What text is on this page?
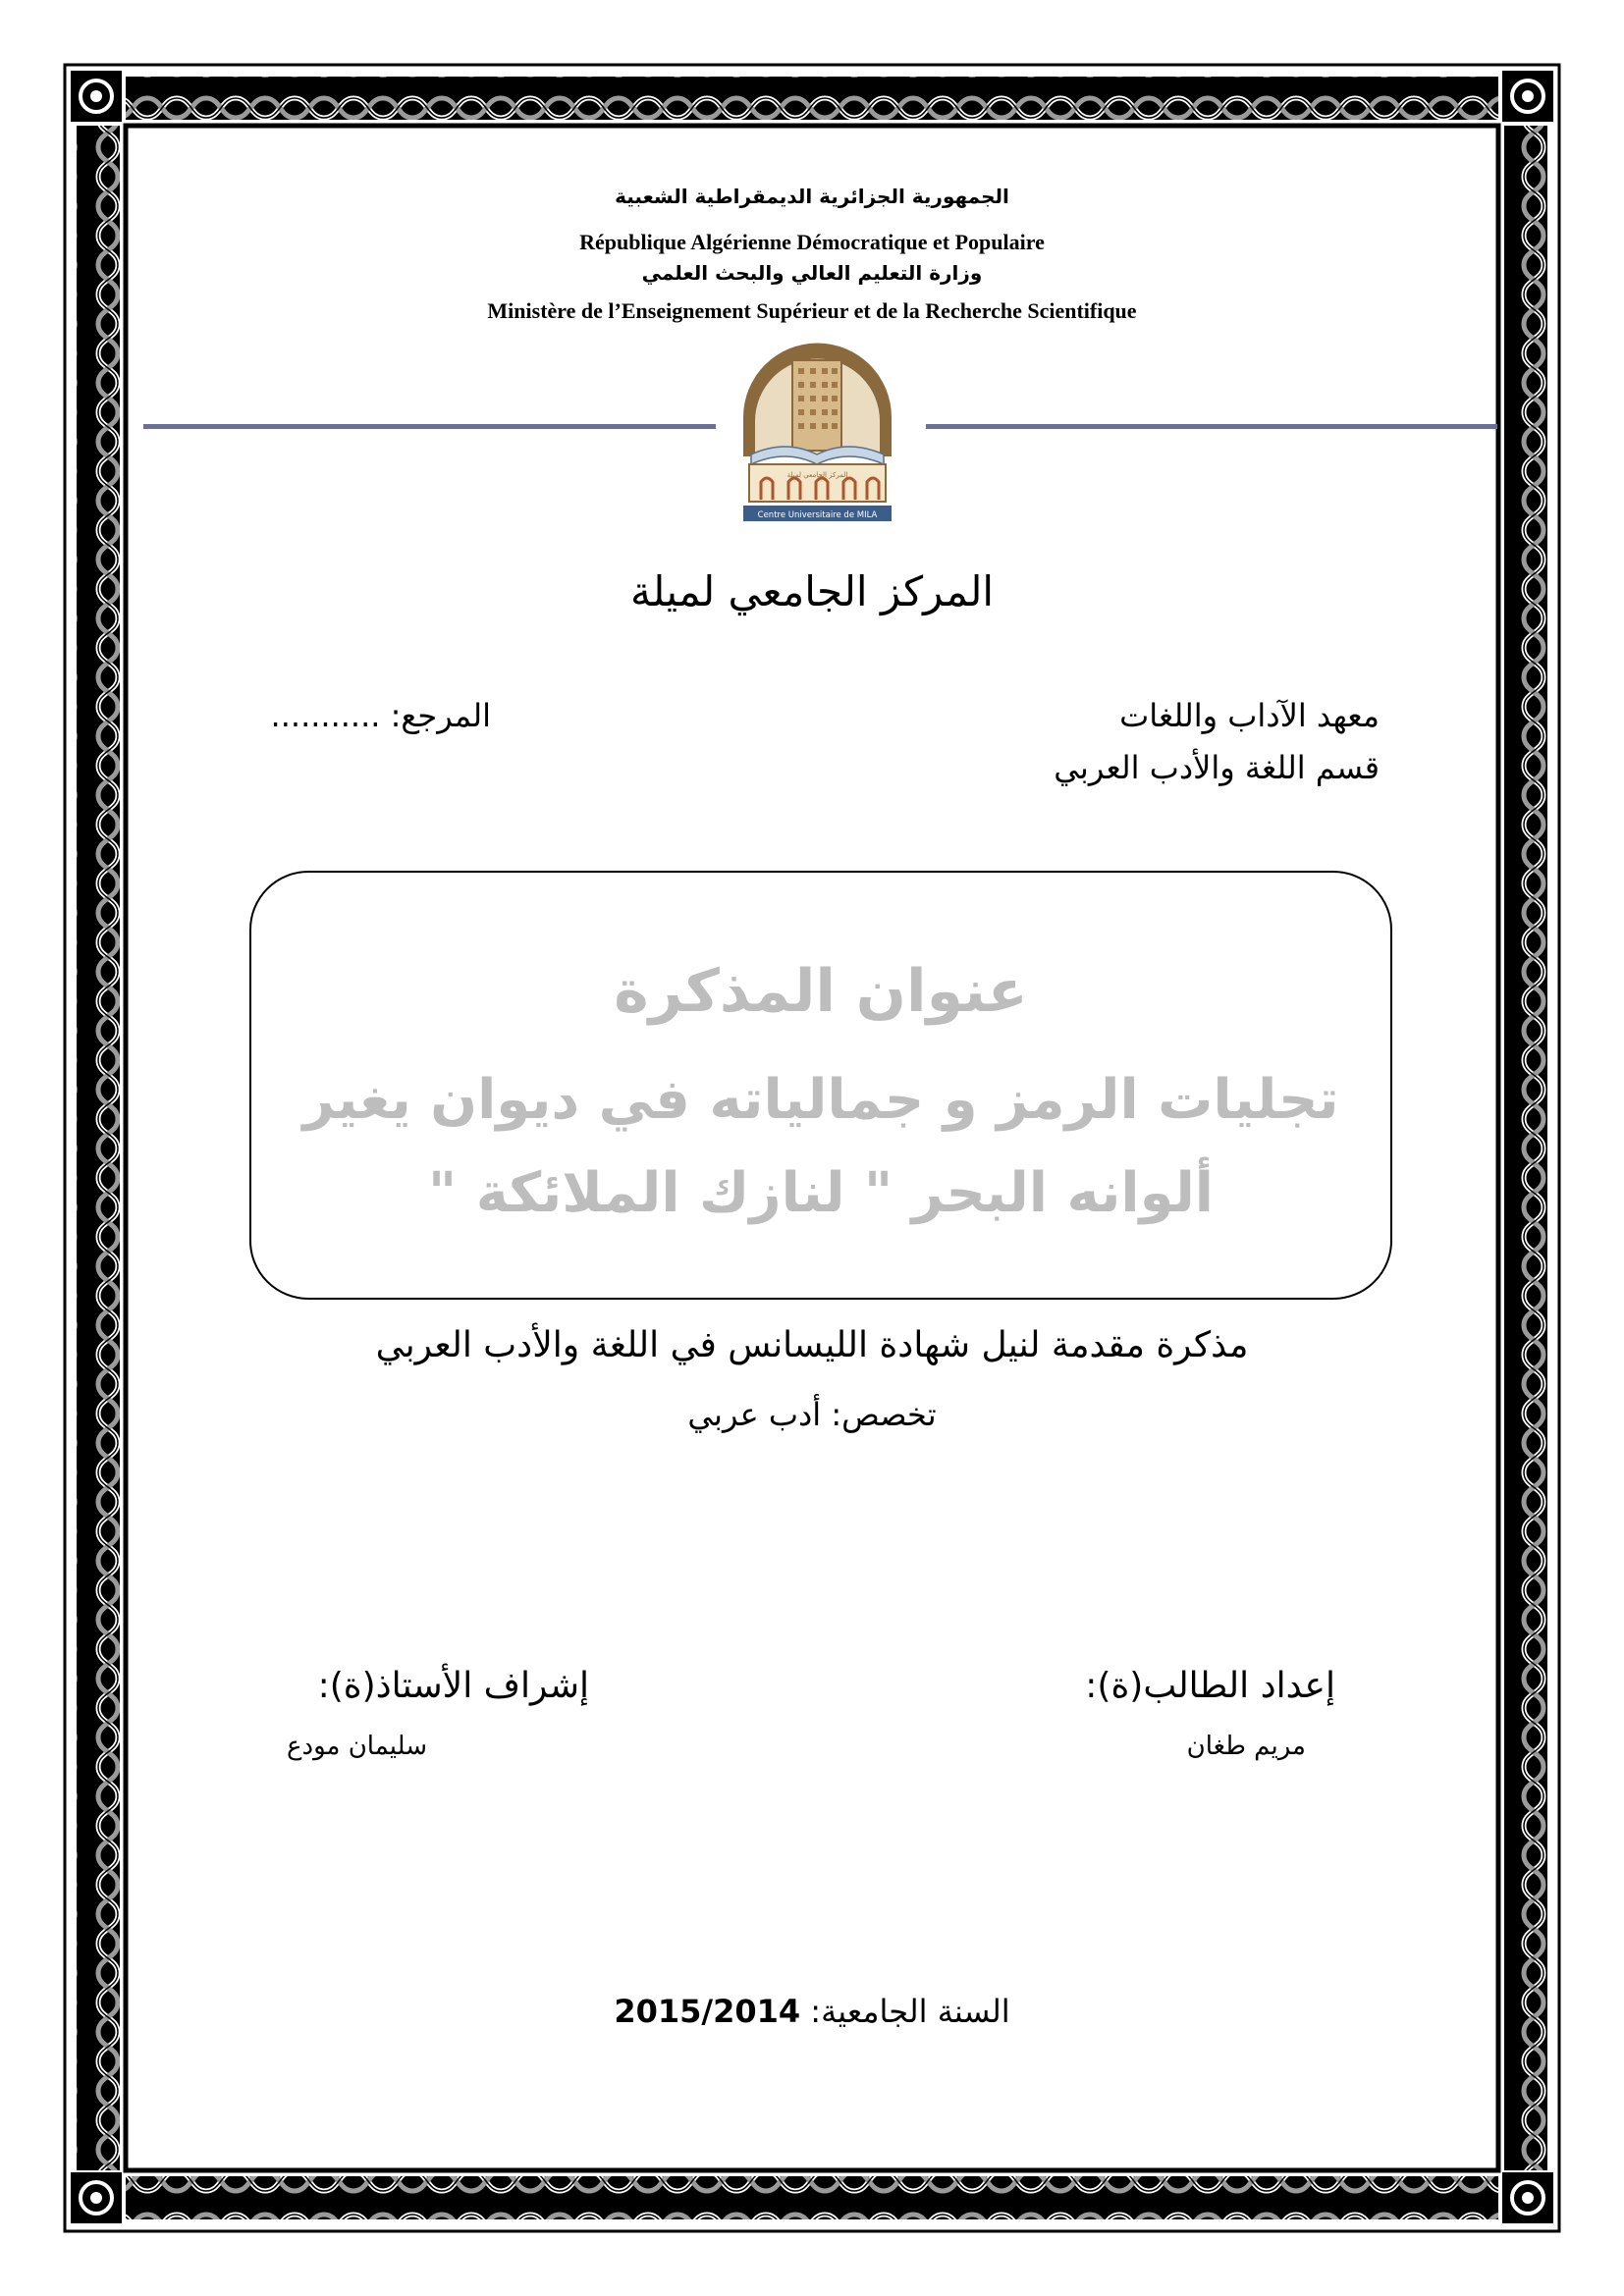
الجمهورية الجزائرية الديمقراطية الشعبية
République Algérienne Démocratique et Populaire
وزارة التعليم العالي والبحث العلمي
Ministère de l’Enseignement Supérieur et de la Recherche Scientifique
المركز الجامعي لميلة
Centre Universitaire de MILA
المركز الجامعي لميلة
معهد الآداب واللغات
قسم اللغة والأدب العربي
المرجع: ...........
عنوان المذكرة
تجليات الرمز و جمالياته في ديوان يغير
ألوانه البحر " لنازك الملائكة "
مذكرة مقدمة لنيل شهادة الليسانس في اللغة والأدب العربي
تخصص: أدب عربي
إعداد الطالب(ة):
مريم طغان
إشراف الأستاذ(ة):
سليمان مودع
السنة الجامعية: 2015/2014
